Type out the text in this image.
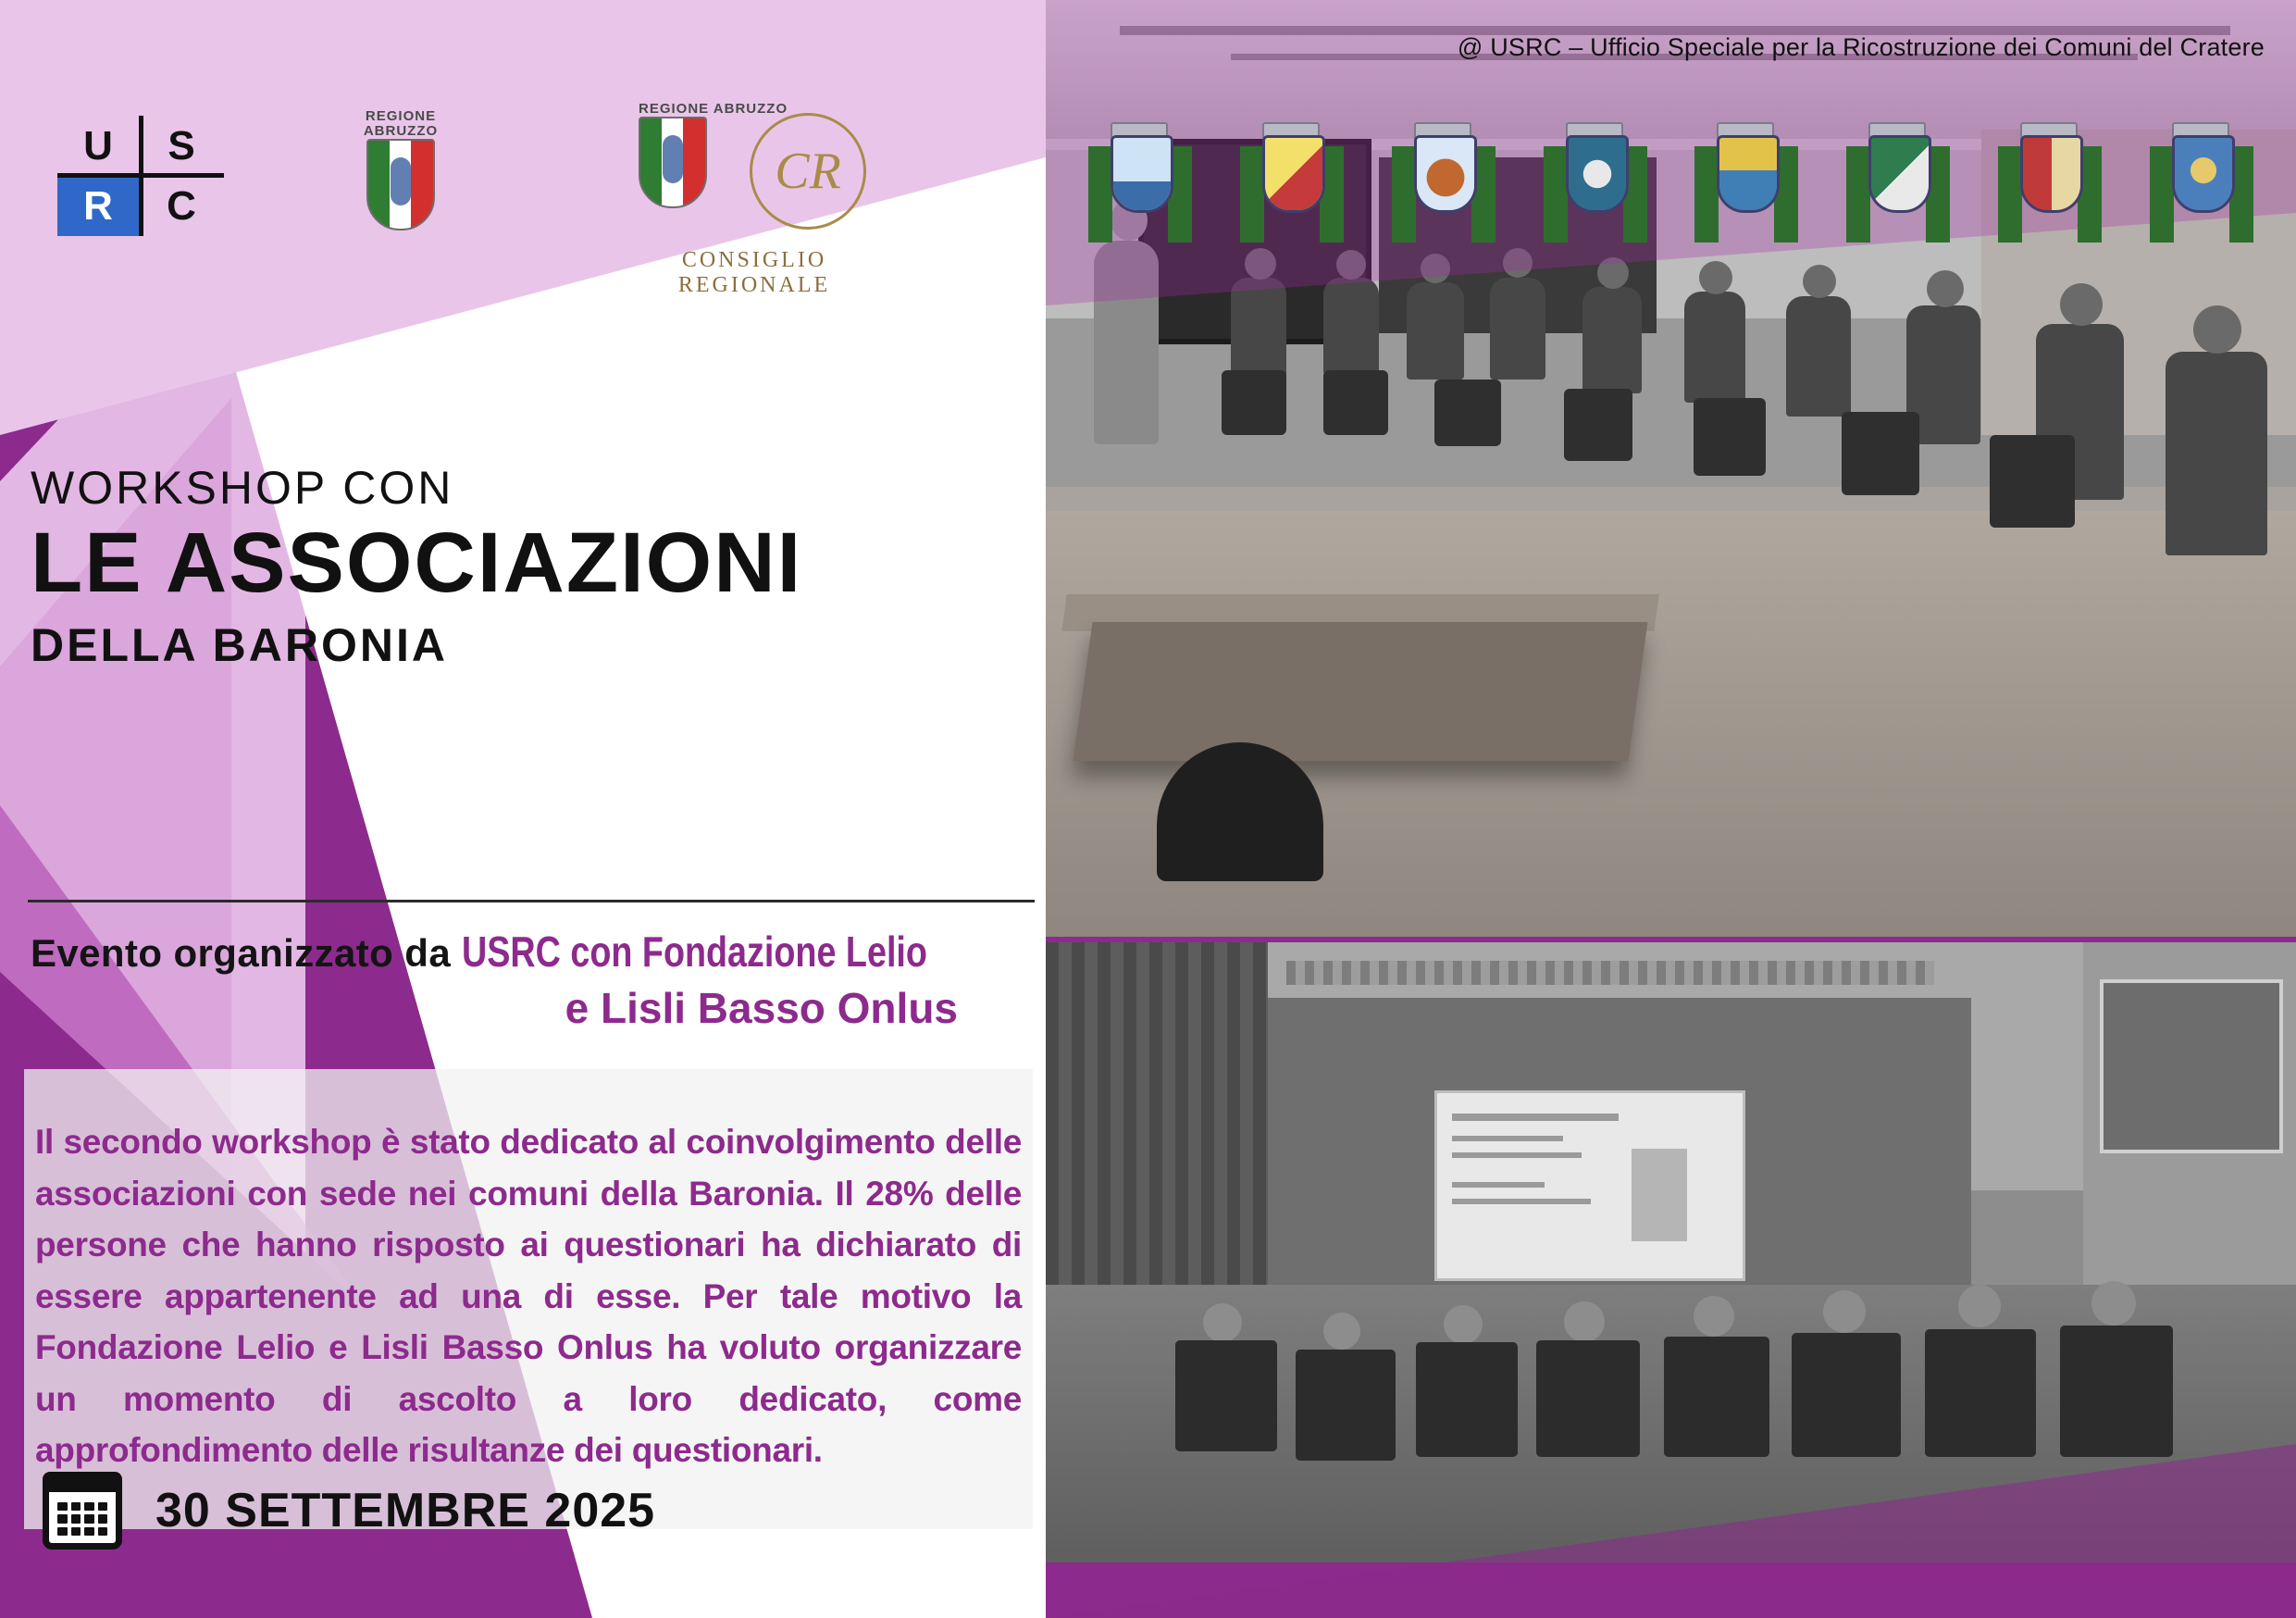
@ USRC – Ufficio Speciale per la Ricostruzione dei Comuni del Cratere
U	S
R	C
REGIONE ABRUZZO
REGIONE ABRUZZO
CR
CONSIGLIO REGIONALE
WORKSHOP CON
LE ASSOCIAZIONI
DELLA BARONIA
Evento organizzato da USRC con Fondazione Lelio
e Lisli Basso Onlus

Il secondo workshop è stato dedicato al coinvolgimento delle associazioni con sede nei comuni della Baronia. Il 28% delle persone che hanno risposto ai questionari ha dichiarato di essere appartenente ad una di esse. Per tale motivo la Fondazione Lelio e Lisli Basso Onlus ha voluto organizzare un momento di ascolto a loro dedicato, come approfondimento delle risultanze dei questionari.

30 SETTEMBRE 2025
